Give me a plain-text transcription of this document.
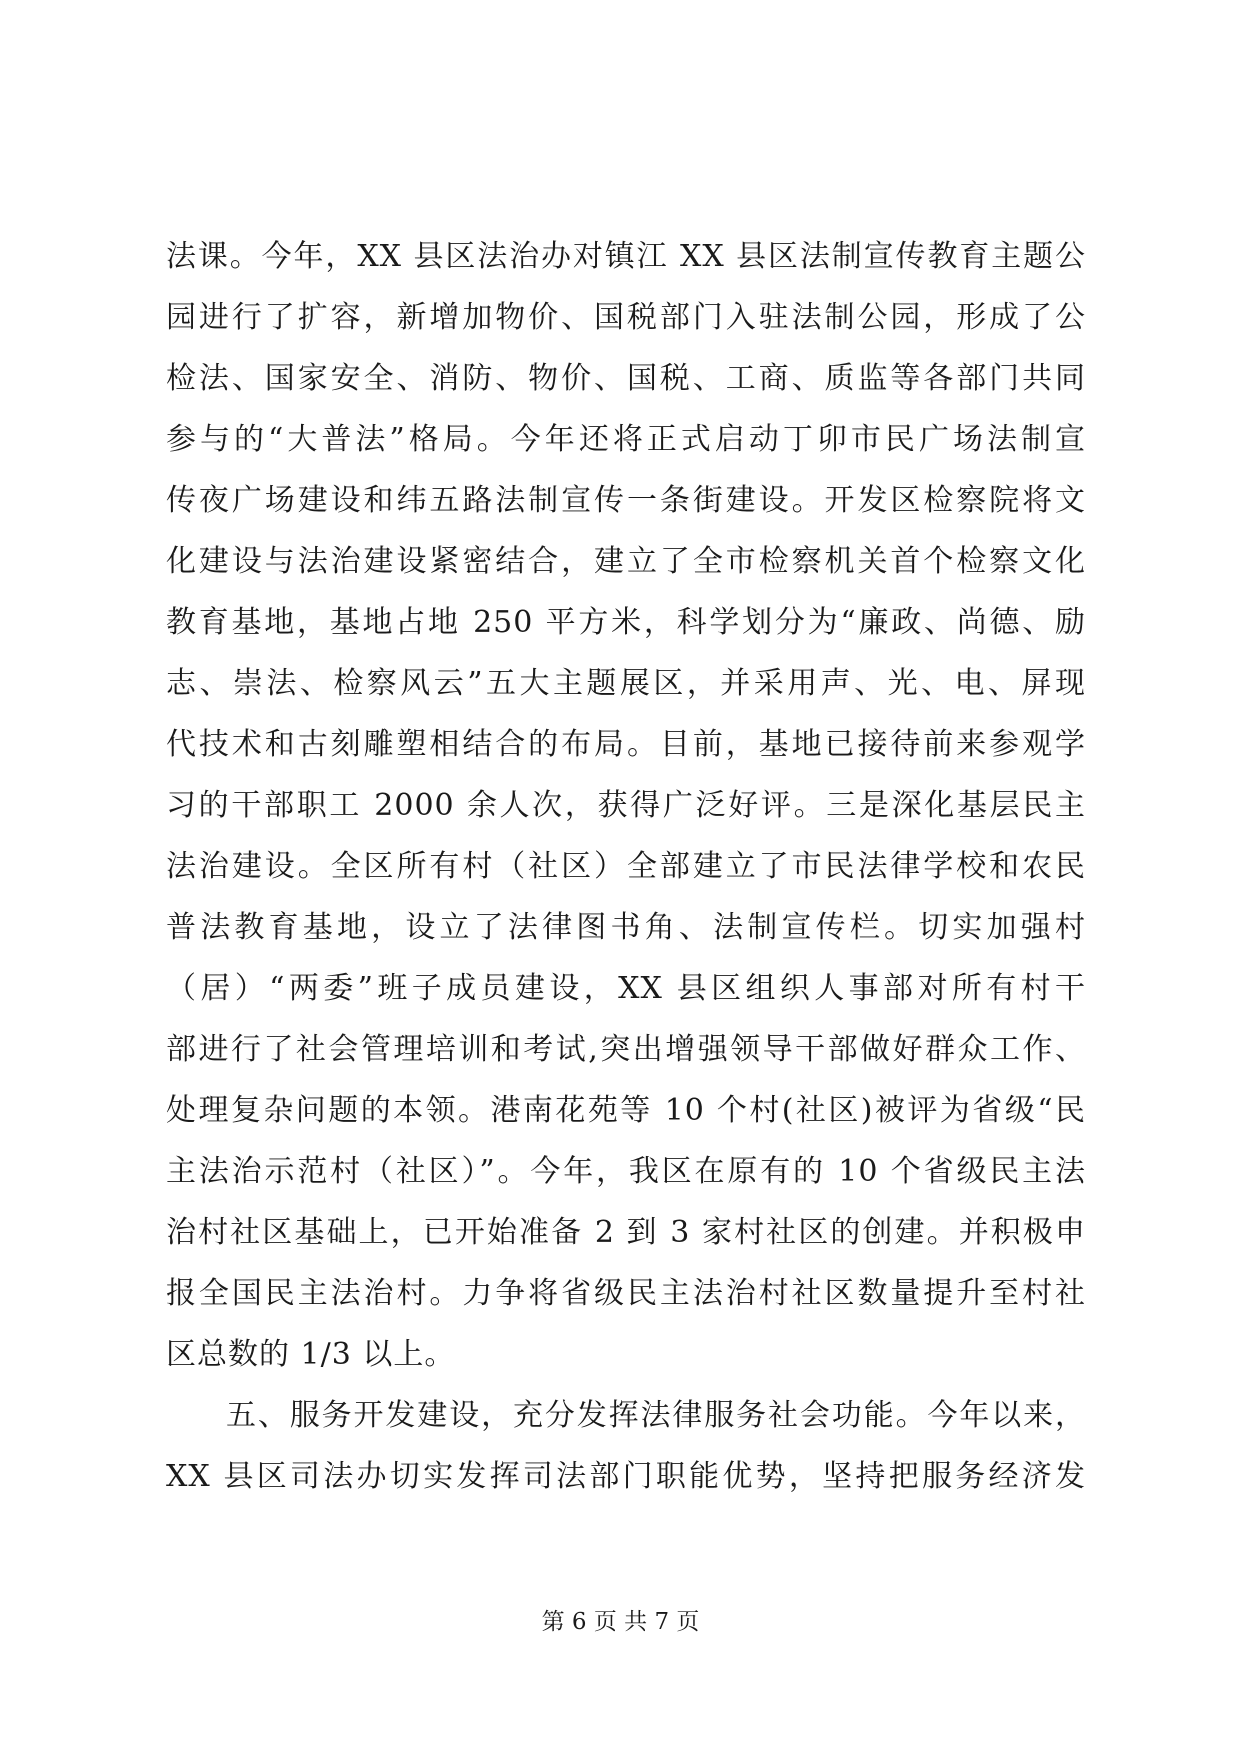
法课。今年，XX 县区法治办对镇江 XX 县区法制宣传教育主题公
园进行了扩容，新增加物价、国税部门入驻法制公园，形成了公
检法、国家安全、消防、物价、国税、工商、质监等各部门共同
参与的“大普法”格局。今年还将正式启动丁卯市民广场法制宣
传夜广场建设和纬五路法制宣传一条街建设。开发区检察院将文
化建设与法治建设紧密结合，建立了全市检察机关首个检察文化
教育基地，基地占地 250 平方米，科学划分为“廉政、尚德、励
志、崇法、检察风云”五大主题展区，并采用声、光、电、屏现
代技术和古刻雕塑相结合的布局。目前，基地已接待前来参观学
习的干部职工 2000 余人次，获得广泛好评。三是深化基层民主
法治建设。全区所有村（社区）全部建立了市民法律学校和农民
普法教育基地，设立了法律图书角、法制宣传栏。切实加强村
（居）“两委”班子成员建设，XX 县区组织人事部对所有村干
部进行了社会管理培训和考试,突出增强领导干部做好群众工作、
处理复杂问题的本领。港南花苑等 10 个村(社区)被评为省级“民
主法治示范村（社区）”。今年，我区在原有的 10 个省级民主法
治村社区基础上，已开始准备 2 到 3 家村社区的创建。并积极申
报全国民主法治村。力争将省级民主法治村社区数量提升至村社
区总数的 1/3 以上。
五、服务开发建设，充分发挥法律服务社会功能。今年以来，
XX 县区司法办切实发挥司法部门职能优势，坚持把服务经济发
第 6 页 共 7 页
